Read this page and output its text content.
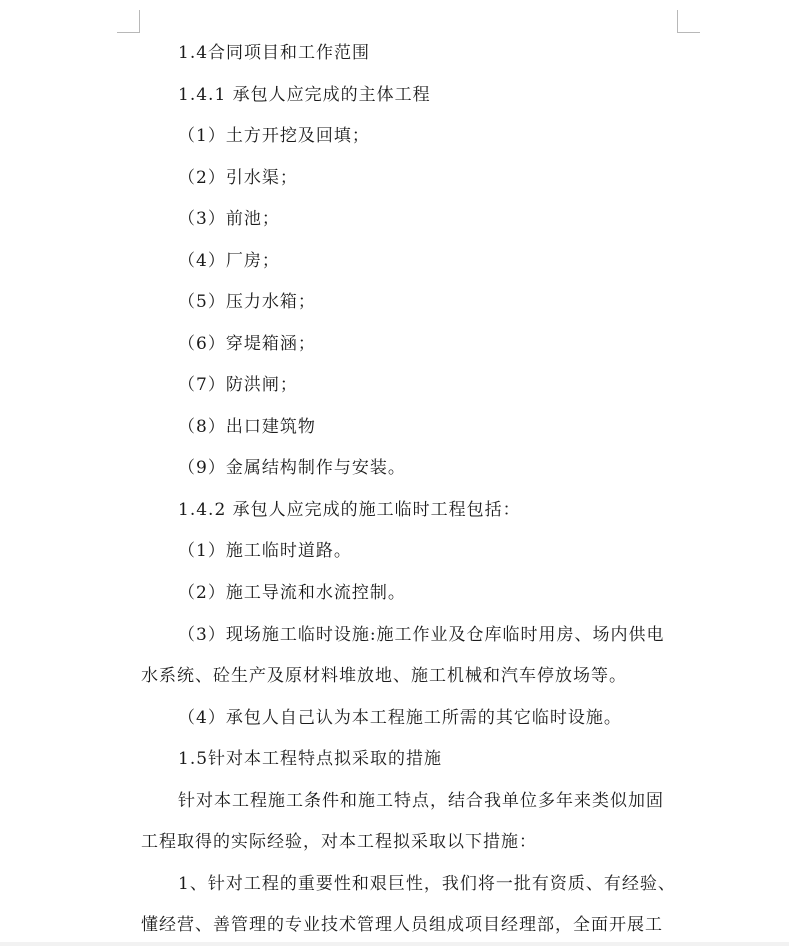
1.4合同项目和工作范围
1.4.1 承包人应完成的主体工程
（1）土方开挖及回填；
（2）引水渠；
（3）前池；
（4）厂房；
（5）压力水箱；
（6）穿堤箱涵；
（7）防洪闸；
（8）出口建筑物
（9）金属结构制作与安装。
1.4.2 承包人应完成的施工临时工程包括：
（1）施工临时道路。
（2）施工导流和水流控制。
（3）现场施工临时设施:施工作业及仓库临时用房、场内供电
水系统、砼生产及原材料堆放地、施工机械和汽车停放场等。
（4）承包人自己认为本工程施工所需的其它临时设施。
1.5针对本工程特点拟采取的措施
针对本工程施工条件和施工特点，结合我单位多年来类似加固
工程取得的实际经验，对本工程拟采取以下措施：
1、针对工程的重要性和艰巨性，我们将一批有资质、有经验、
懂经营、善管理的专业技术管理人员组成项目经理部，全面开展工
